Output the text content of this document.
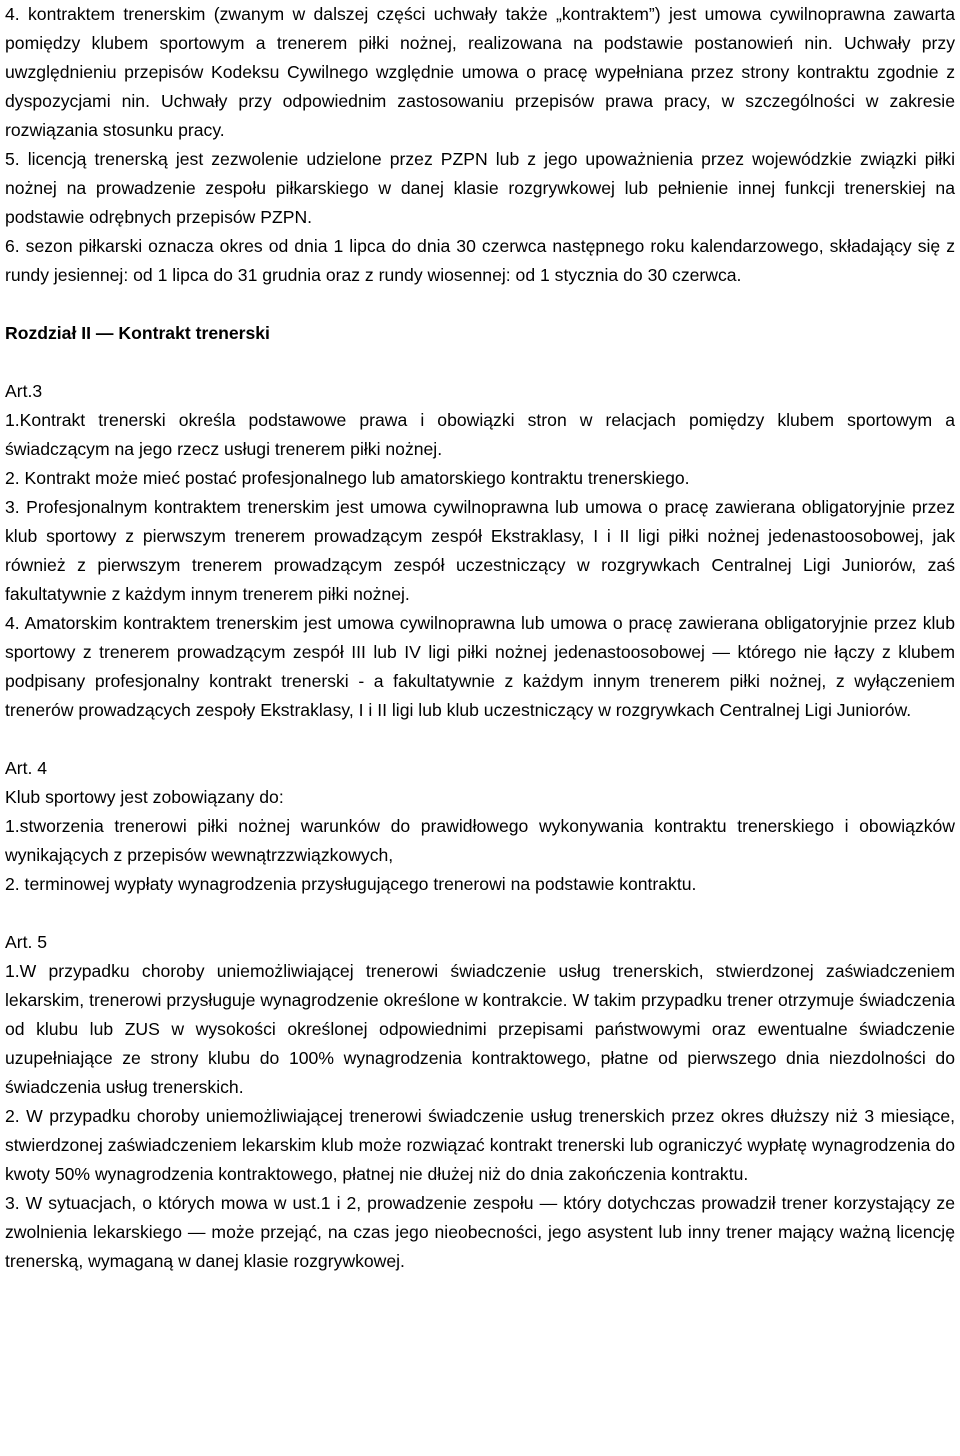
4. kontraktem trenerskim (zwanym w dalszej części uchwały także „kontraktem”) jest umowa cywilnoprawna zawarta pomiędzy klubem sportowym a trenerem piłki nożnej, realizowana na podstawie postanowień nin. Uchwały przy uwzględnieniu przepisów Kodeksu Cywilnego względnie umowa o pracę wypełniana przez strony kontraktu zgodnie z dyspozycjami nin. Uchwały przy odpowiednim zastosowaniu przepisów prawa pracy, w szczególności w zakresie rozwiązania stosunku pracy.

5. licencją trenerską jest zezwolenie udzielone przez PZPN lub z jego upoważnienia przez wojewódzkie związki piłki nożnej na prowadzenie zespołu piłkarskiego w danej klasie rozgrywkowej lub pełnienie innej funkcji trenerskiej na podstawie odrębnych przepisów PZPN.

6. sezon piłkarski oznacza okres od dnia 1 lipca do dnia 30 czerwca następnego roku kalendarzowego, składający się z rundy jesiennej: od 1 lipca do 31 grudnia oraz z rundy wiosennej: od 1 stycznia do 30 czerwca.

Rozdział II — Kontrakt trenerski

Art.3

1.Kontrakt trenerski określa podstawowe prawa i obowiązki stron w relacjach pomiędzy klubem sportowym a świadczącym na jego rzecz usługi trenerem piłki nożnej.

2. Kontrakt może mieć postać profesjonalnego lub amatorskiego kontraktu trenerskiego.

3. Profesjonalnym kontraktem trenerskim jest umowa cywilnoprawna lub umowa o pracę zawierana obligatoryjnie przez klub sportowy z pierwszym trenerem prowadzącym zespół Ekstraklasy, I i II ligi piłki nożnej jedenastoosobowej, jak również z pierwszym trenerem prowadzącym zespół uczestniczący w rozgrywkach Centralnej Ligi Juniorów, zaś fakultatywnie z każdym innym trenerem piłki nożnej.

4. Amatorskim kontraktem trenerskim jest umowa cywilnoprawna lub umowa o pracę zawierana obligatoryjnie przez klub sportowy z trenerem prowadzącym zespół III lub IV ligi piłki nożnej jedenastoosobowej — którego nie łączy z klubem podpisany profesjonalny kontrakt trenerski - a fakultatywnie z każdym innym trenerem piłki nożnej, z wyłączeniem trenerów prowadzących zespoły Ekstraklasy, I i II ligi lub klub uczestniczący w rozgrywkach Centralnej Ligi Juniorów.

Art. 4

Klub sportowy jest zobowiązany do:

1.stworzenia trenerowi piłki nożnej warunków do prawidłowego wykonywania kontraktu trenerskiego i obowiązków wynikających z przepisów wewnątrzzwiązkowych,

2. terminowej wypłaty wynagrodzenia przysługującego trenerowi na podstawie kontraktu.

Art. 5

1.W przypadku choroby uniemożliwiającej trenerowi świadczenie usług trenerskich, stwierdzonej zaświadczeniem lekarskim, trenerowi przysługuje wynagrodzenie określone w kontrakcie. W takim przypadku trener otrzymuje świadczenia od klubu lub ZUS w wysokości określonej odpowiednimi przepisami państwowymi oraz ewentualne świadczenie uzupełniające ze strony klubu do 100% wynagrodzenia kontraktowego, płatne od pierwszego dnia niezdolności do świadczenia usług trenerskich.

2. W przypadku choroby uniemożliwiającej trenerowi świadczenie usług trenerskich przez okres dłuższy niż 3 miesiące, stwierdzonej zaświadczeniem lekarskim klub może rozwiązać kontrakt trenerski lub ograniczyć wypłatę wynagrodzenia do kwoty 50% wynagrodzenia kontraktowego, płatnej nie dłużej niż do dnia zakończenia kontraktu.

3. W sytuacjach, o których mowa w ust.1 i 2, prowadzenie zespołu — który dotychczas prowadził trener korzystający ze zwolnienia lekarskiego — może przejąć, na czas jego nieobecności, jego asystent lub inny trener mający ważną licencję trenerską, wymaganą w danej klasie rozgrywkowej.
